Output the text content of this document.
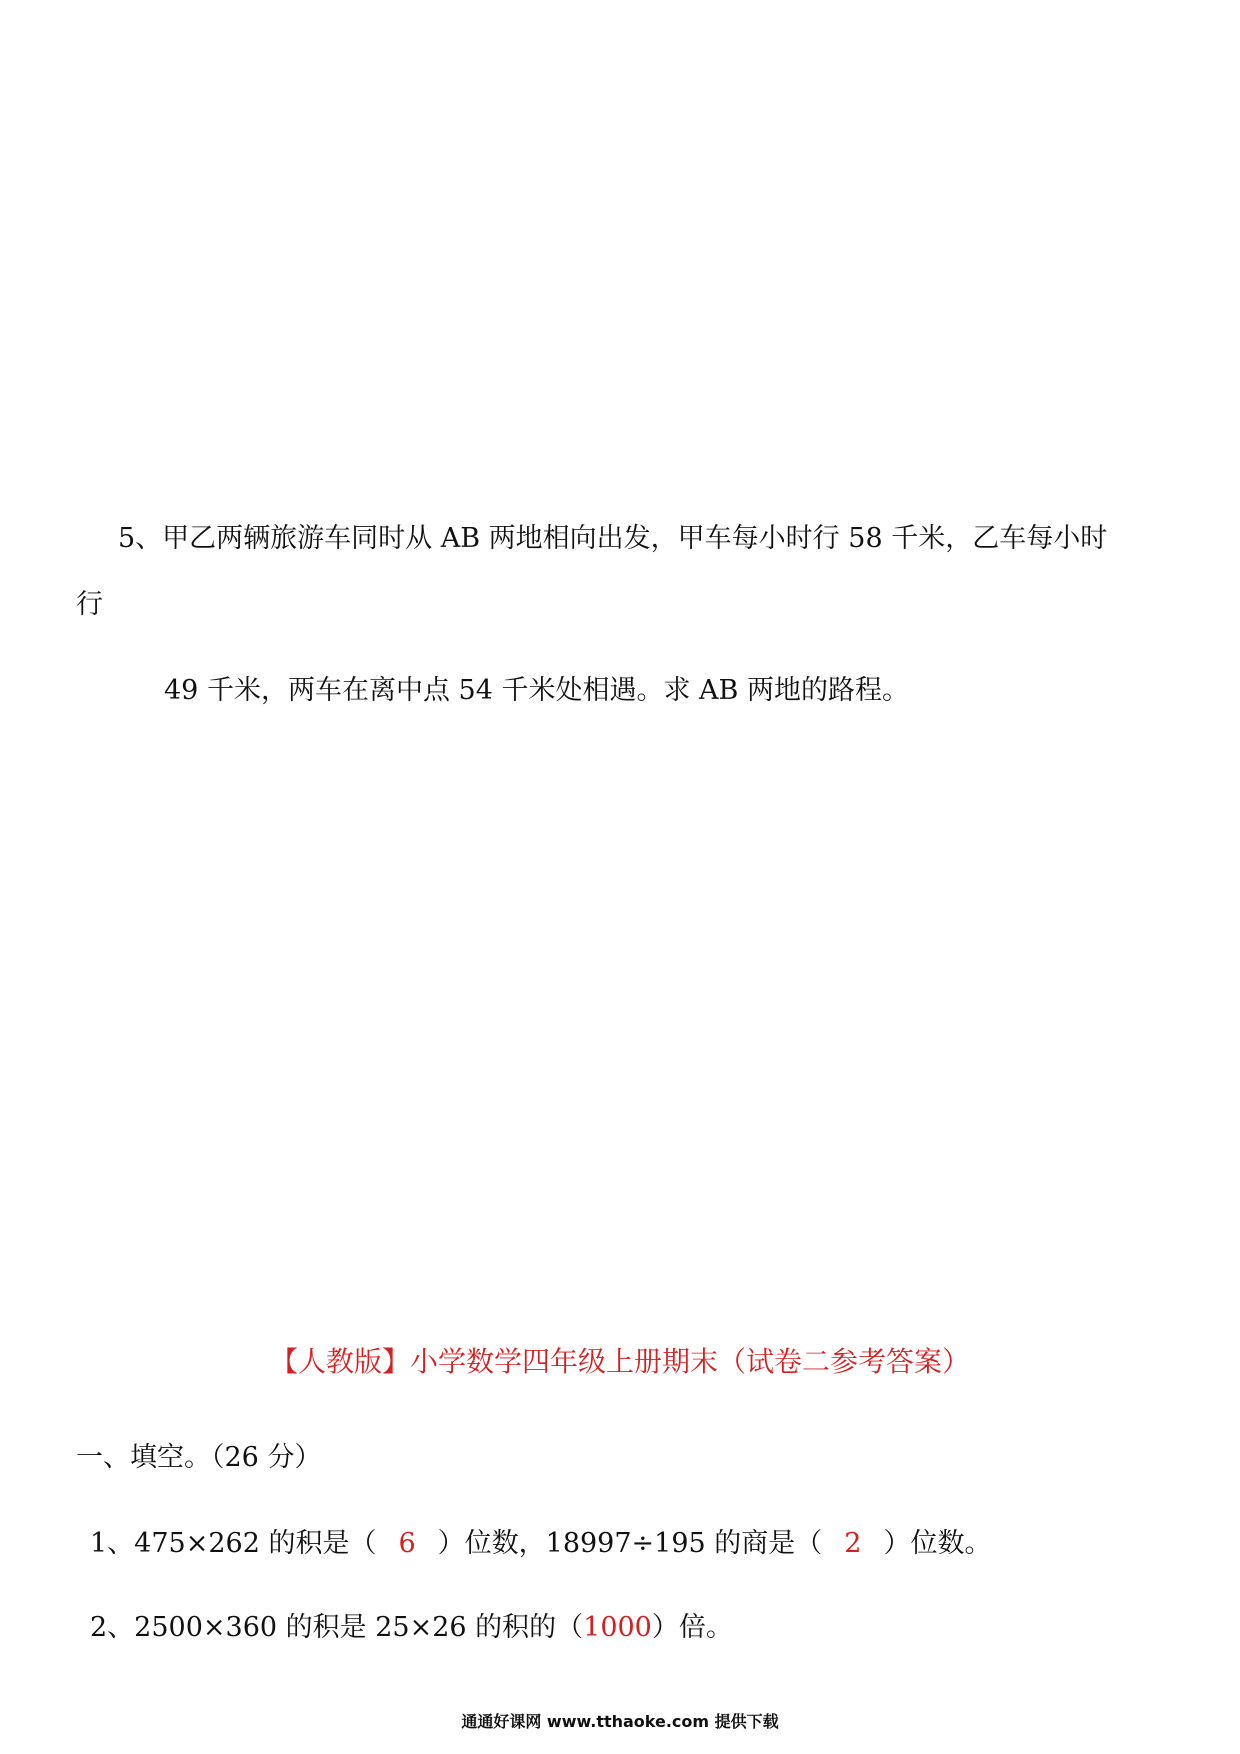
5、甲乙两辆旅游车同时从 AB 两地相向出发，甲车每小时行 58 千米，乙车每小时
行
49 千米，两车在离中点 54 千米处相遇。求 AB 两地的路程。
【人教版】小学数学四年级上册期末（试卷二参考答案）
一、填空。（26 分）
1、475×262 的积是（ 6 ）位数，18997÷195 的商是（ 2 ）位数。
2、2500×360 的积是 25×26 的积的（1000）倍。
通通好课网 www.tthaoke.com 提供下载
